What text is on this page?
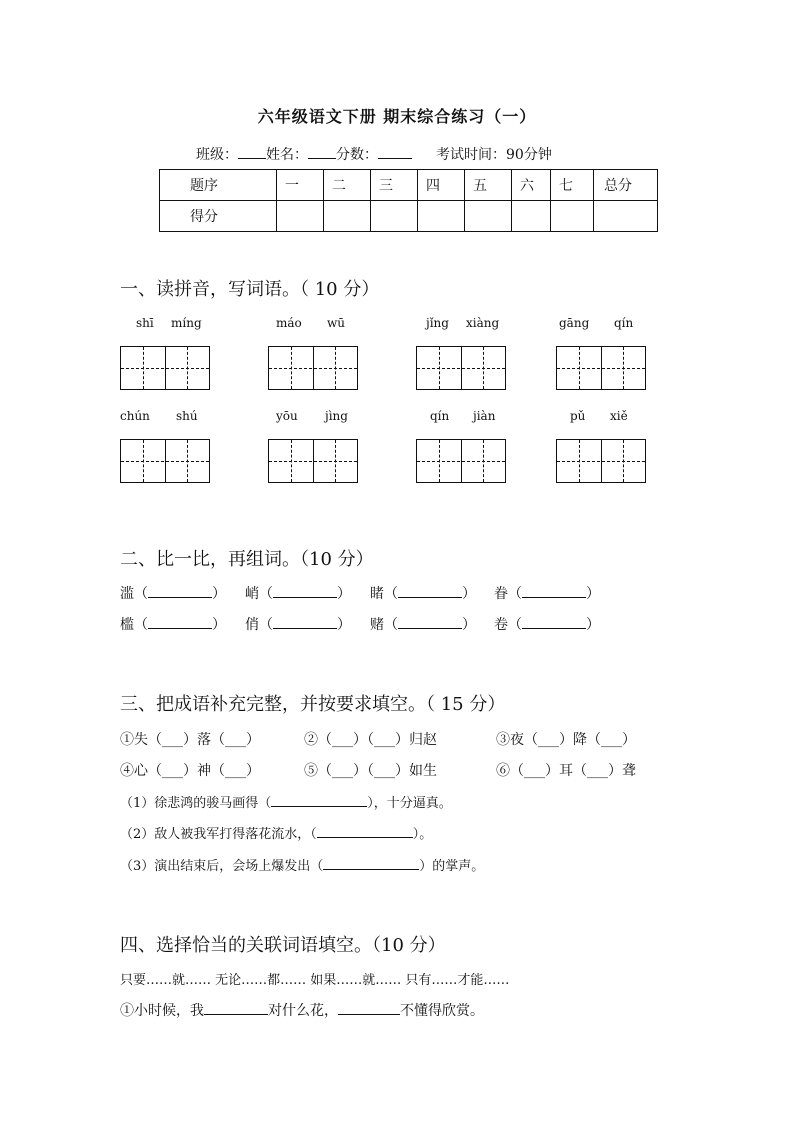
六年级语文下册 期末综合练习（一）
班级： 姓名： 分数：	考试时间：90分钟
题序	一	二	三	四	五	六	七	总分
得分								
一、读拼音，写词语。（ 10 分）
shī míng	máo wū	jǐng xiàng	gāng qín
chún shú	yōu jìng	qín jiàn	pǔ xiě
二、比一比，再组词。（10 分）
滥（	） 峭（	） 睹（	） 眷（	）
槛（	） 俏（	） 赌（	） 卷（	）
三、把成语补充完整，并按要求填空。（ 15 分）
①失（___）落（___）	②（___）（___）归赵	③夜（___）降（___）
④心（___）神（___）	⑤（___）（___）如生	⑥（___）耳（___）聋
（1）徐悲鸿的骏马画得（	），十分逼真。
（2）敌人被我军打得落花流水，（	）。
（3）演出结束后，会场上爆发出（	）的掌声。
四、选择恰当的关联词语填空。（10 分）
只要……就…… 无论……都…… 如果……就…… 只有……才能……
①小时候，我	对什么花，	不懂得欣赏。
